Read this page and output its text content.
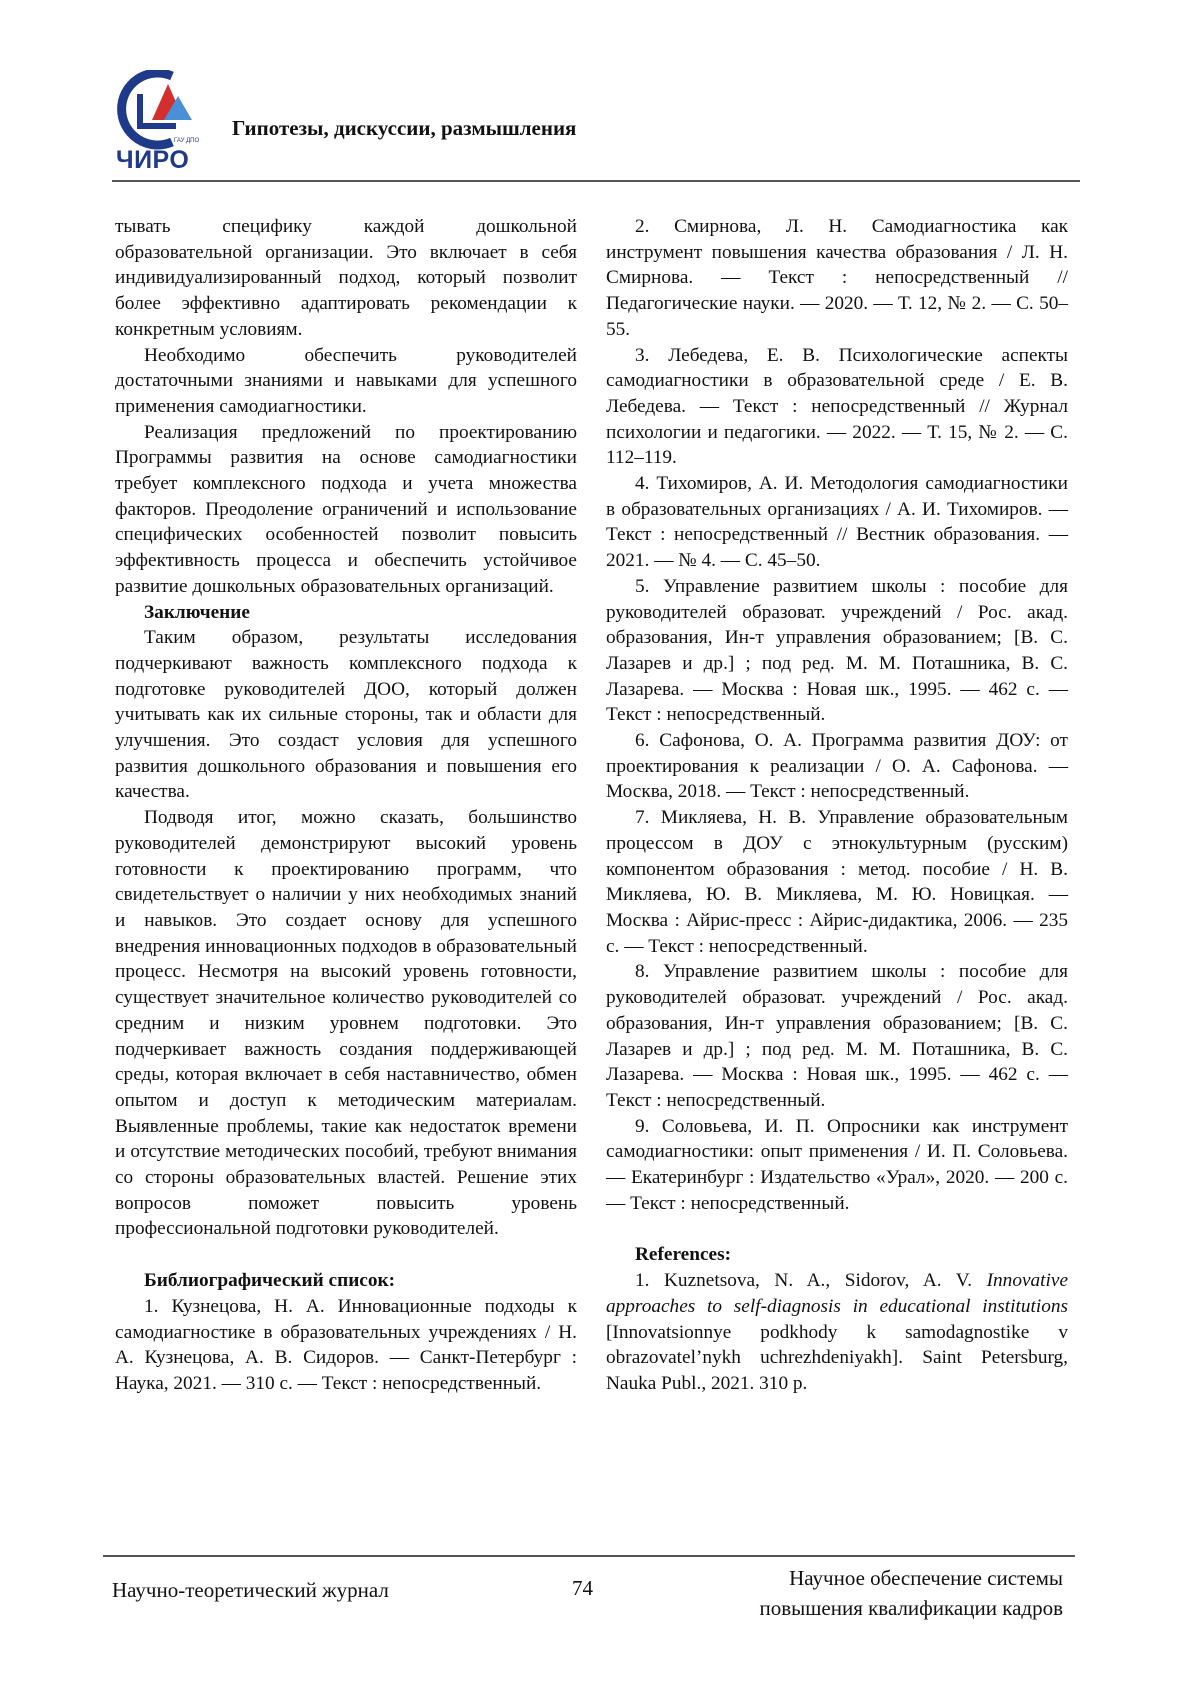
ГАУ ДПО
ЧИРО
Гипотезы, дискуссии, размышления

тывать специфику каждой дошкольной образовательной организации. Это включает в себя индивидуализированный подход, который позволит более эффективно адаптировать рекомендации к конкретным условиям.

Необходимо обеспечить руководителей достаточными знаниями и навыками для успешного применения самодиагностики.

Реализация предложений по проектированию Программы развития на основе самодиагностики требует комплексного подхода и учета множества факторов. Преодоление ограничений и использование специфических особенностей позволит повысить эффективность процесса и обеспечить устойчивое развитие дошкольных образовательных организаций.

Заключение

Таким образом, результаты исследования подчеркивают важность комплексного подхода к подготовке руководителей ДОО, который должен учитывать как их сильные стороны, так и области для улучшения. Это создаст условия для успешного развития дошкольного образования и повышения его качества.

Подводя итог, можно сказать, большинство руководителей демонстрируют высокий уровень готовности к проектированию программ, что свидетельствует о наличии у них необходимых знаний и навыков. Это создает основу для успешного внедрения инновационных подходов в образовательный процесс. Несмотря на высокий уровень готовности, существует значительное количество руководителей со средним и низким уровнем подготовки. Это подчеркивает важность создания поддерживающей среды, которая включает в себя наставничество, обмен опытом и доступ к методическим материалам. Выявленные проблемы, такие как недостаток времени и отсутствие методических пособий, требуют внимания со стороны образовательных властей. Решение этих вопросов поможет повысить уровень профессиональной подготовки руководителей.

Библиографический список:

1. Кузнецова, Н. А. Инновационные подходы к самодиагностике в образовательных учреждениях / Н. А. Кузнецова, А. В. Сидоров. — Санкт-Петербург : Наука, 2021. — 310 с. — Текст : непосредственный.

2. Смирнова, Л. Н. Самодиагностика как инструмент повышения качества образования / Л. Н. Смирнова. — Текст : непосредственный // Педагогические науки. — 2020. — Т. 12, № 2. — С. 50–55.

3. Лебедева, Е. В. Психологические аспекты самодиагностики в образовательной среде / Е. В. Лебедева. — Текст : непосредственный // Журнал психологии и педагогики. — 2022. — Т. 15, № 2. — С. 112–119.

4. Тихомиров, А. И. Методология самодиагностики в образовательных организациях / А. И. Тихомиров. — Текст : непосредственный // Вестник образования. — 2021. — № 4. — С. 45–50.

5. Управление развитием школы : пособие для руководителей образоват. учреждений / Рос. акад. образования, Ин-т управления образованием; [В. С. Лазарев и др.] ; под ред. М. М. Поташника, В. С. Лазарева. — Москва : Новая шк., 1995. — 462 с. — Текст : непосредственный.

6. Сафонова, О. А. Программа развития ДОУ: от проектирования к реализации / О. А. Сафонова. — Москва, 2018. — Текст : непосредственный.

7. Микляева, Н. В. Управление образовательным процессом в ДОУ с этнокультурным (русским) компонентом образования : метод. пособие / Н. В. Микляева, Ю. В. Микляева, М. Ю. Новицкая. — Москва : Айрис-пресс : Айрис-дидактика, 2006. — 235 с. — Текст : непосредственный.

8. Управление развитием школы : пособие для руководителей образоват. учреждений / Рос. акад. образования, Ин-т управления образованием; [В. С. Лазарев и др.] ; под ред. М. М. Поташника, В. С. Лазарева. — Москва : Новая шк., 1995. — 462 с. — Текст : непосредственный.

9. Соловьева, И. П. Опросники как инструмент самодиагностики: опыт применения / И. П. Соловьева. — Екатеринбург : Издательство «Урал», 2020. — 200 с. — Текст : непосредственный.

References:

1. Kuznetsova, N. A., Sidorov, A. V. Innovative approaches to self-diagnosis in educational institutions [Innovatsionnye podkhody k samodagnostike v obrazovatel’nykh uchrezhdeniyakh]. Saint Petersburg, Nauka Publ., 2021. 310 p.

Научно-теоретический журнал	74	Научное обеспечение системы
повышения квалификации кадров
